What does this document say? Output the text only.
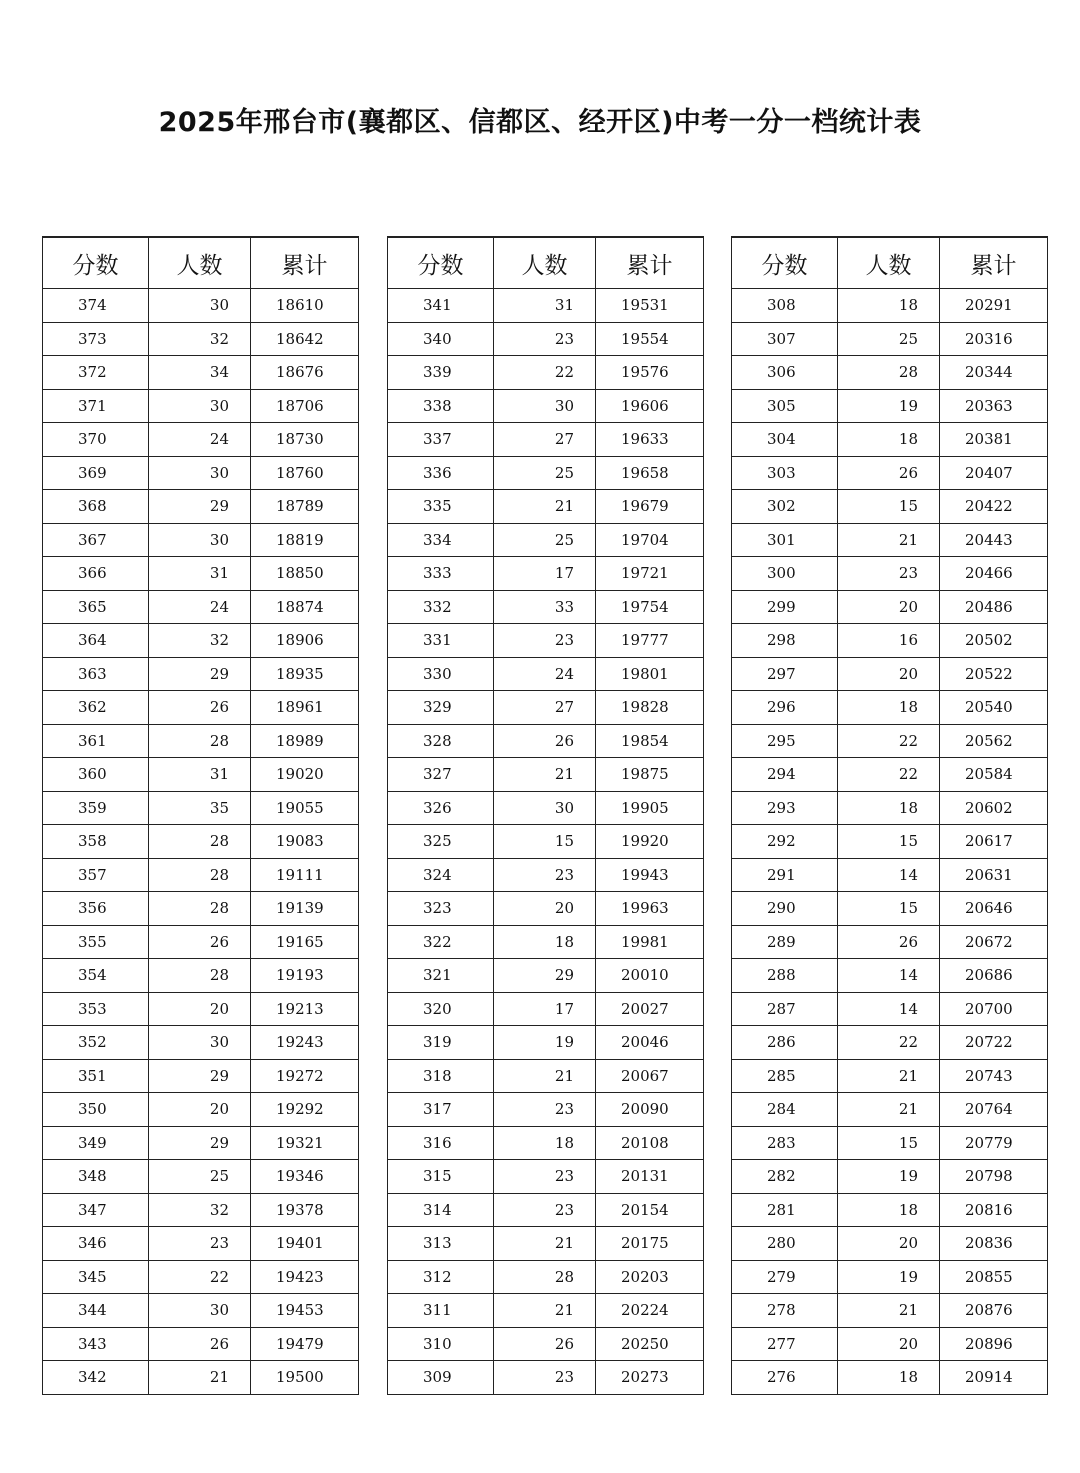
2025年邢台市(襄都区、信都区、经开区)中考一分一档统计表
分数	人数	累计
374	30	18610
373	32	18642
372	34	18676
371	30	18706
370	24	18730
369	30	18760
368	29	18789
367	30	18819
366	31	18850
365	24	18874
364	32	18906
363	29	18935
362	26	18961
361	28	18989
360	31	19020
359	35	19055
358	28	19083
357	28	19111
356	28	19139
355	26	19165
354	28	19193
353	20	19213
352	30	19243
351	29	19272
350	20	19292
349	29	19321
348	25	19346
347	32	19378
346	23	19401
345	22	19423
344	30	19453
343	26	19479
342	21	19500
分数	人数	累计
341	31	19531
340	23	19554
339	22	19576
338	30	19606
337	27	19633
336	25	19658
335	21	19679
334	25	19704
333	17	19721
332	33	19754
331	23	19777
330	24	19801
329	27	19828
328	26	19854
327	21	19875
326	30	19905
325	15	19920
324	23	19943
323	20	19963
322	18	19981
321	29	20010
320	17	20027
319	19	20046
318	21	20067
317	23	20090
316	18	20108
315	23	20131
314	23	20154
313	21	20175
312	28	20203
311	21	20224
310	26	20250
309	23	20273
分数	人数	累计
308	18	20291
307	25	20316
306	28	20344
305	19	20363
304	18	20381
303	26	20407
302	15	20422
301	21	20443
300	23	20466
299	20	20486
298	16	20502
297	20	20522
296	18	20540
295	22	20562
294	22	20584
293	18	20602
292	15	20617
291	14	20631
290	15	20646
289	26	20672
288	14	20686
287	14	20700
286	22	20722
285	21	20743
284	21	20764
283	15	20779
282	19	20798
281	18	20816
280	20	20836
279	19	20855
278	21	20876
277	20	20896
276	18	20914
